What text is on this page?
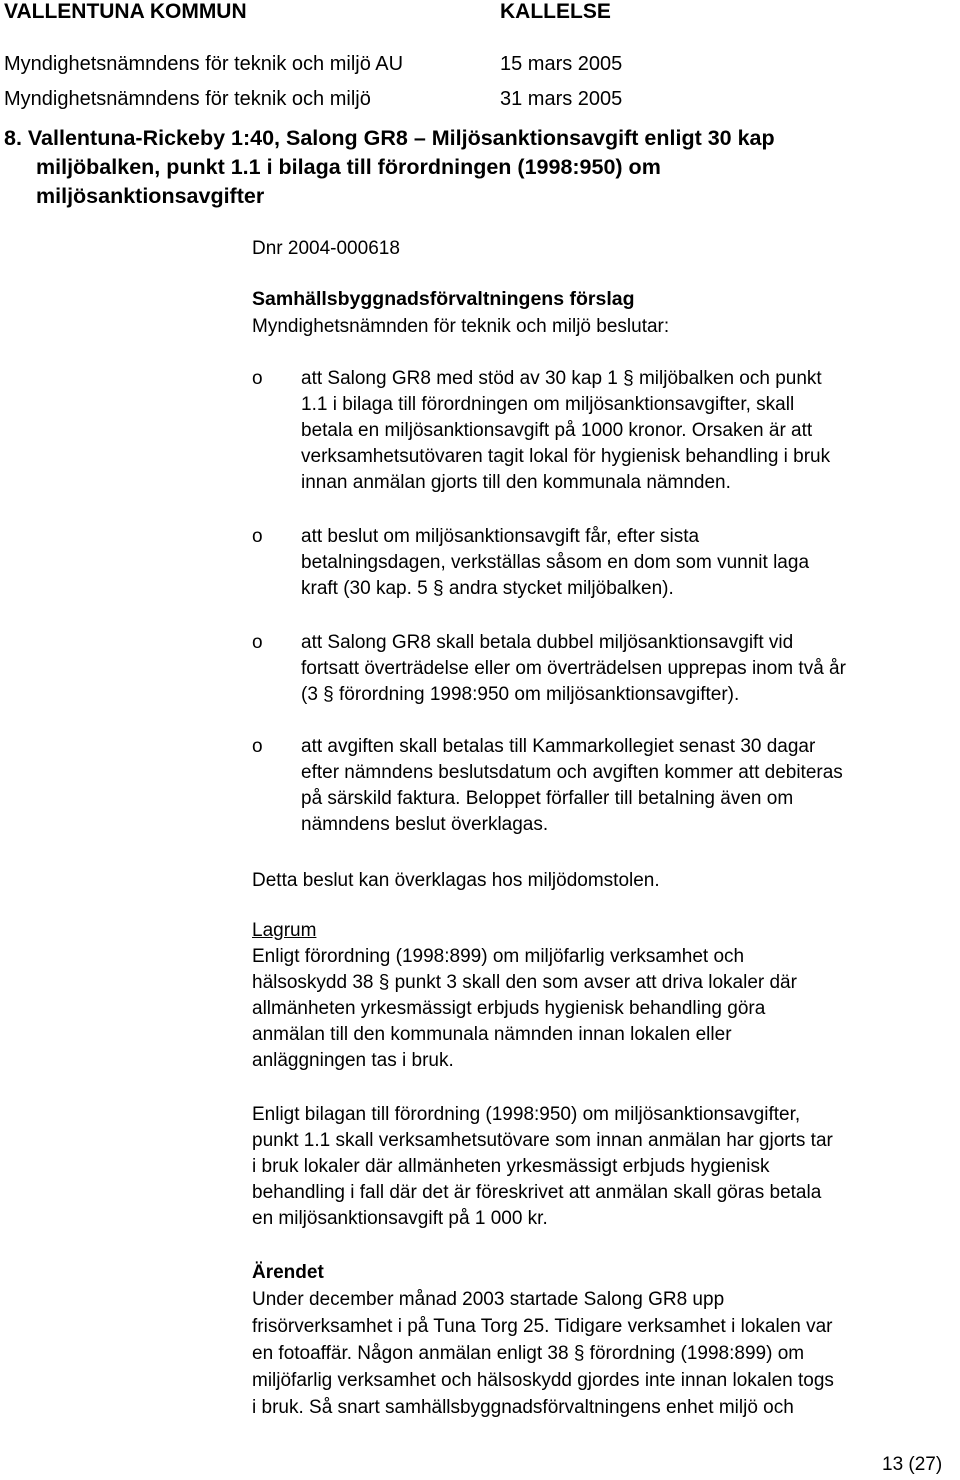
VALLENTUNA KOMMUN	KALLELSE
Myndighetsnämndens för teknik och miljö AU	15 mars 2005
Myndighetsnämndens för teknik och miljö	31 mars 2005
8. Vallentuna-Rickeby 1:40, Salong GR8 – Miljösanktionsavgift enligt 30 kap
miljöbalken, punkt 1.1 i bilaga till förordningen (1998:950) om
miljösanktionsavgifter
Dnr 2004-000618
Samhällsbyggnadsförvaltningens förslag
Myndighetsnämnden för teknik och miljö beslutar:
o att Salong GR8 med stöd av 30 kap 1 § miljöbalken och punkt
1.1 i bilaga till förordningen om miljösanktionsavgifter, skall
betala en miljösanktionsavgift på 1000 kronor. Orsaken är att
verksamhetsutövaren tagit lokal för hygienisk behandling i bruk
innan anmälan gjorts till den kommunala nämnden.
o att beslut om miljösanktionsavgift får, efter sista
betalningsdagen, verkställas såsom en dom som vunnit laga
kraft (30 kap. 5 § andra stycket miljöbalken).
o att Salong GR8 skall betala dubbel miljösanktionsavgift vid
fortsatt överträdelse eller om överträdelsen upprepas inom två år
(3 § förordning 1998:950 om miljösanktionsavgifter).
o att avgiften skall betalas till Kammarkollegiet senast 30 dagar
efter nämndens beslutsdatum och avgiften kommer att debiteras
på särskild faktura. Beloppet förfaller till betalning även om
nämndens beslut överklagas.
Detta beslut kan överklagas hos miljödomstolen.
Lagrum
Enligt förordning (1998:899) om miljöfarlig verksamhet och
hälsoskydd 38 § punkt 3 skall den som avser att driva lokaler där
allmänheten yrkesmässigt erbjuds hygienisk behandling göra
anmälan till den kommunala nämnden innan lokalen eller
anläggningen tas i bruk.
Enligt bilagan till förordning (1998:950) om miljösanktionsavgifter,
punkt 1.1 skall verksamhetsutövare som innan anmälan har gjorts tar
i bruk lokaler där allmänheten yrkesmässigt erbjuds hygienisk
behandling i fall där det är föreskrivet att anmälan skall göras betala
en miljösanktionsavgift på 1 000 kr.
Ärendet
Under december månad 2003 startade Salong GR8 upp
frisörverksamhet i på Tuna Torg 25. Tidigare verksamhet i lokalen var
en fotoaffär. Någon anmälan enligt 38 § förordning (1998:899) om
miljöfarlig verksamhet och hälsoskydd gjordes inte innan lokalen togs
i bruk. Så snart samhällsbyggnadsförvaltningens enhet miljö och
13 (27)
